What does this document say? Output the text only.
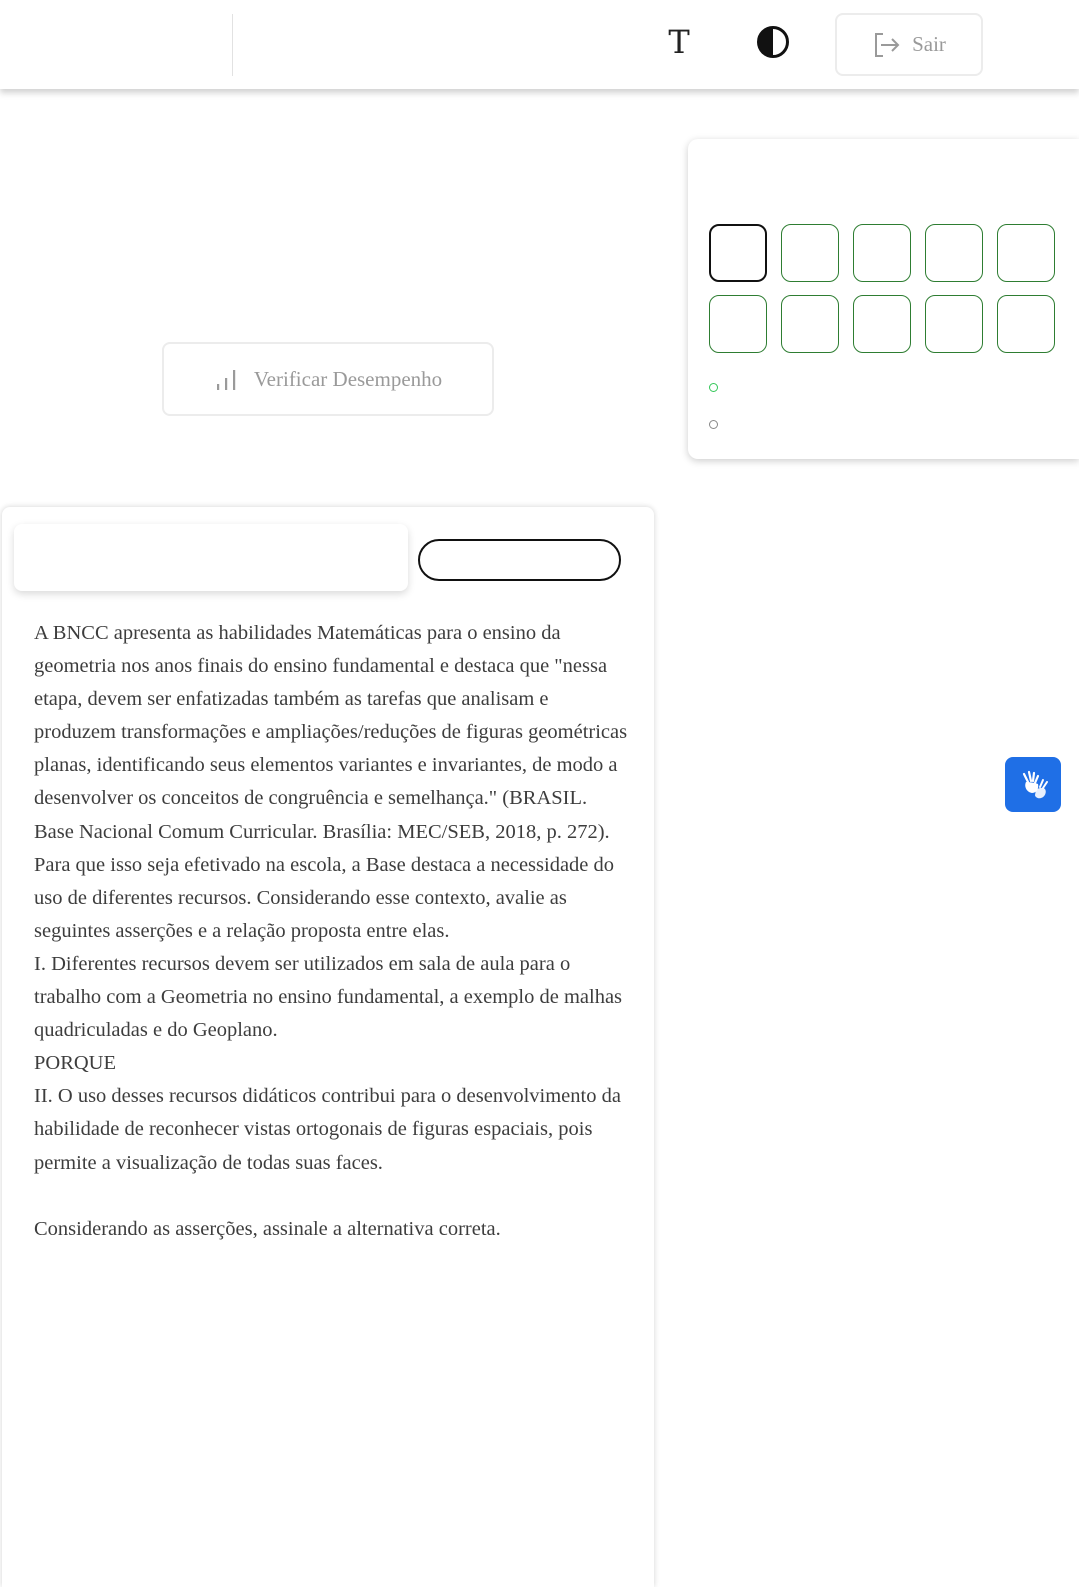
T	Sair
Verificar Desempenho

A BNCC apresenta as habilidades Matemáticas para o ensino da geometria nos anos finais do ensino fundamental e destaca que "nessa etapa, devem ser enfatizadas também as tarefas que analisam e produzem transformações e ampliações/reduções de figuras geométricas planas, identificando seus elementos variantes e invariantes, de modo a desenvolver os conceitos de congruência e semelhança." (BRASIL. Base Nacional Comum Curricular. Brasília: MEC/SEB, 2018, p. 272).

Para que isso seja efetivado na escola, a Base destaca a necessidade do uso de diferentes recursos. Considerando esse contexto, avalie as seguintes asserções e a relação proposta entre elas.

I. Diferentes recursos devem ser utilizados em sala de aula para o trabalho com a Geometria no ensino fundamental, a exemplo de malhas quadriculadas e do Geoplano.

PORQUE

II. O uso desses recursos didáticos contribui para o desenvolvimento da habilidade de reconhecer vistas ortogonais de figuras espaciais, pois permite a visualização de todas suas faces.

Considerando as asserções, assinale a alternativa correta.
